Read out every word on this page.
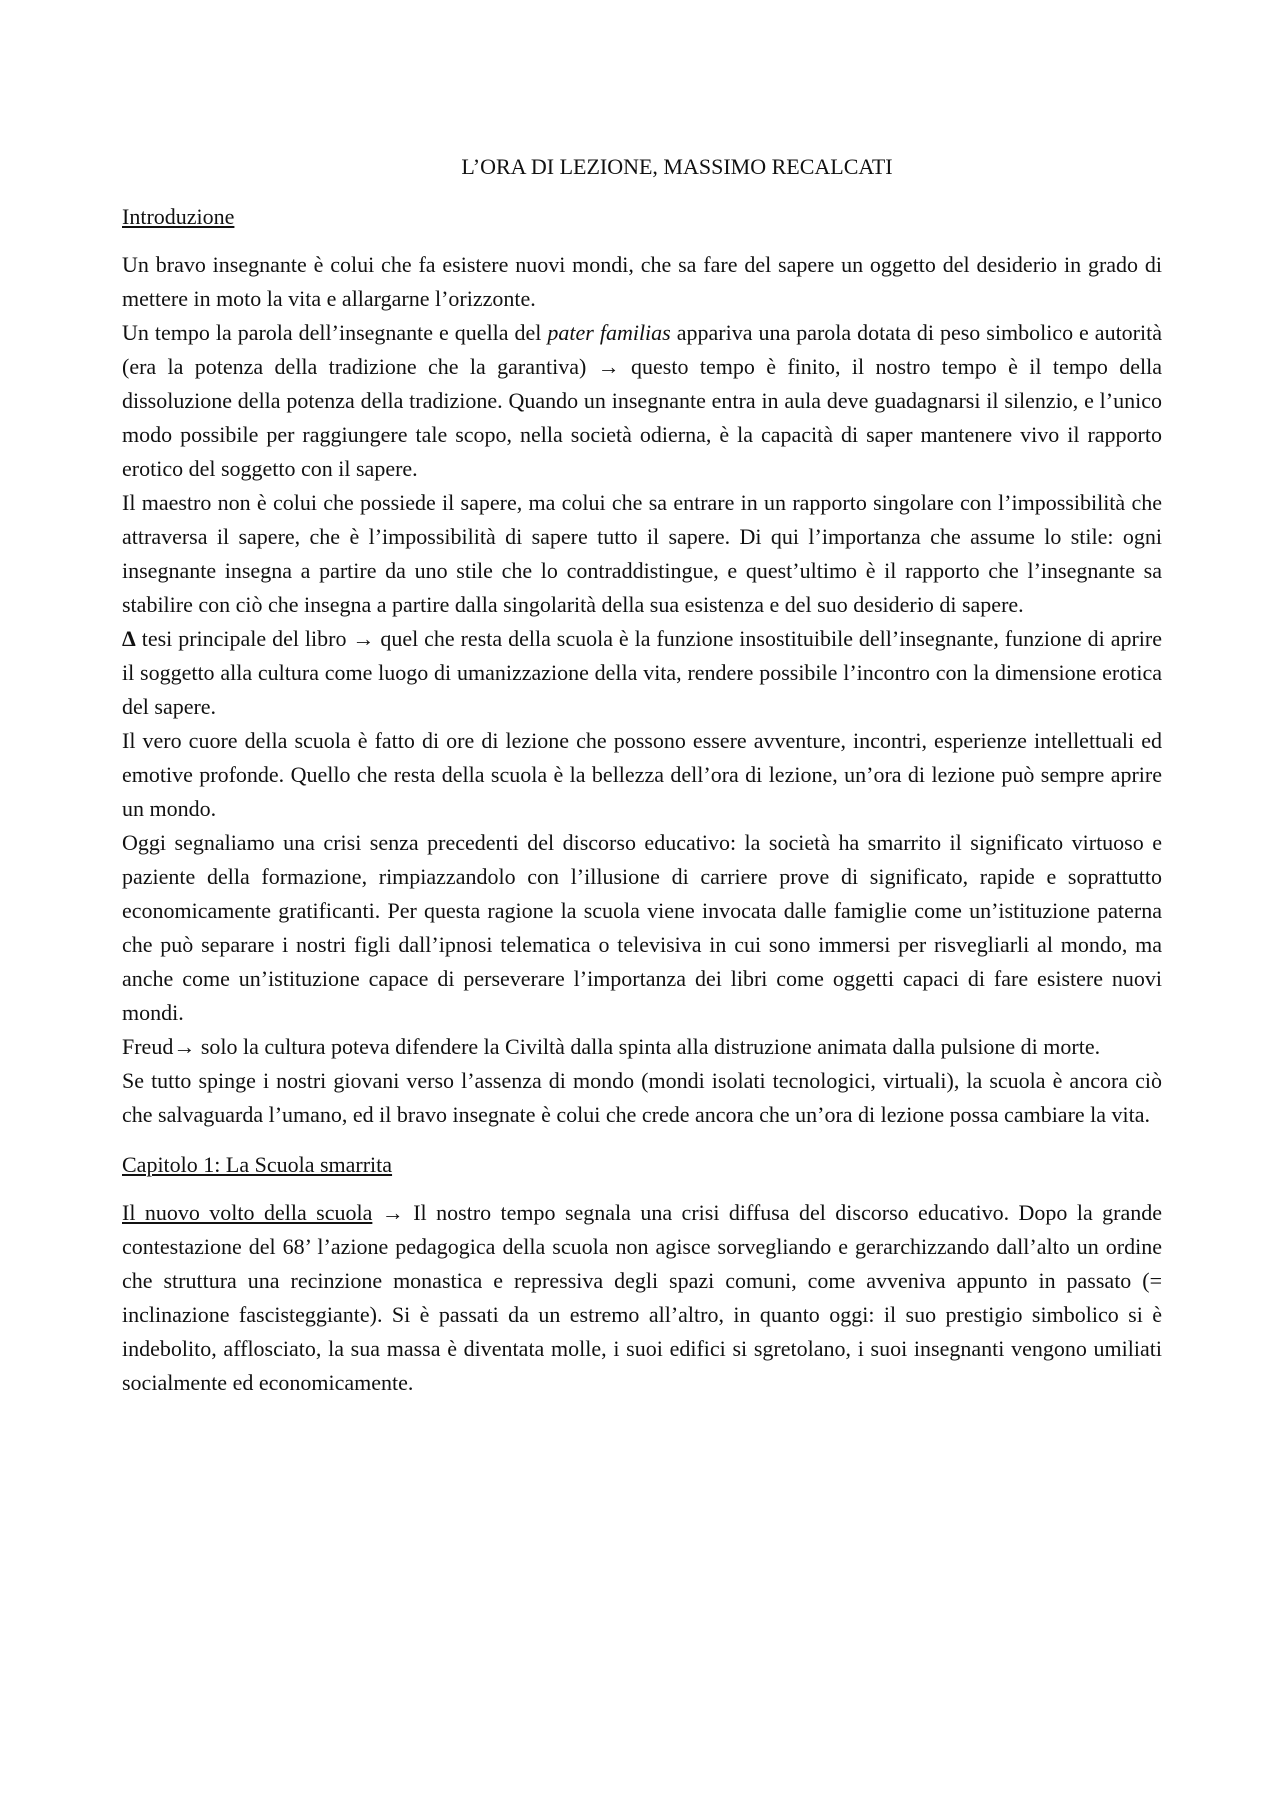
L’ORA DI LEZIONE, MASSIMO RECALCATI
Introduzione

Un bravo insegnante è colui che fa esistere nuovi mondi, che sa fare del sapere un oggetto del desiderio in grado di mettere in moto la vita e allargarne l’orizzonte.

Un tempo la parola dell’insegnante e quella del pater familias appariva una parola dotata di peso simbolico e autorità (era la potenza della tradizione che la garantiva) → questo tempo è finito, il nostro tempo è il tempo della dissoluzione della potenza della tradizione. Quando un insegnante entra in aula deve guadagnarsi il silenzio, e l’unico modo possibile per raggiungere tale scopo, nella società odierna, è la capacità di saper mantenere vivo il rapporto erotico del soggetto con il sapere.

Il maestro non è colui che possiede il sapere, ma colui che sa entrare in un rapporto singolare con l’impossibilità che attraversa il sapere, che è l’impossibilità di sapere tutto il sapere. Di qui l’importanza che assume lo stile: ogni insegnante insegna a partire da uno stile che lo contraddistingue, e quest’ultimo è il rapporto che l’insegnante sa stabilire con ciò che insegna a partire dalla singolarità della sua esistenza e del suo desiderio di sapere.

Δ tesi principale del libro → quel che resta della scuola è la funzione insostituibile dell’insegnante, funzione di aprire il soggetto alla cultura come luogo di umanizzazione della vita, rendere possibile l’incontro con la dimensione erotica del sapere.

Il vero cuore della scuola è fatto di ore di lezione che possono essere avventure, incontri, esperienze intellettuali ed emotive profonde. Quello che resta della scuola è la bellezza dell’ora di lezione, un’ora di lezione può sempre aprire un mondo.

Oggi segnaliamo una crisi senza precedenti del discorso educativo: la società ha smarrito il significato virtuoso e paziente della formazione, rimpiazzandolo con l’illusione di carriere prove di significato, rapide e soprattutto economicamente gratificanti. Per questa ragione la scuola viene invocata dalle famiglie come un’istituzione paterna che può separare i nostri figli dall’ipnosi telematica o televisiva in cui sono immersi per risvegliarli al mondo, ma anche come un’istituzione capace di perseverare l’importanza dei libri come oggetti capaci di fare esistere nuovi mondi.

Freud→ solo la cultura poteva difendere la Civiltà dalla spinta alla distruzione animata dalla pulsione di morte.

Se tutto spinge i nostri giovani verso l’assenza di mondo (mondi isolati tecnologici, virtuali), la scuola è ancora ciò che salvaguarda l’umano, ed il bravo insegnate è colui che crede ancora che un’ora di lezione possa cambiare la vita.

Capitolo 1: La Scuola smarrita

Il nuovo volto della scuola → Il nostro tempo segnala una crisi diffusa del discorso educativo. Dopo la grande contestazione del 68’ l’azione pedagogica della scuola non agisce sorvegliando e gerarchizzando dall’alto un ordine che struttura una recinzione monastica e repressiva degli spazi comuni, come avveniva appunto in passato (= inclinazione fascisteggiante). Si è passati da un estremo all’altro, in quanto oggi: il suo prestigio simbolico si è indebolito, afflosciato, la sua massa è diventata molle, i suoi edifici si sgretolano, i suoi insegnanti vengono umiliati socialmente ed economicamente.
